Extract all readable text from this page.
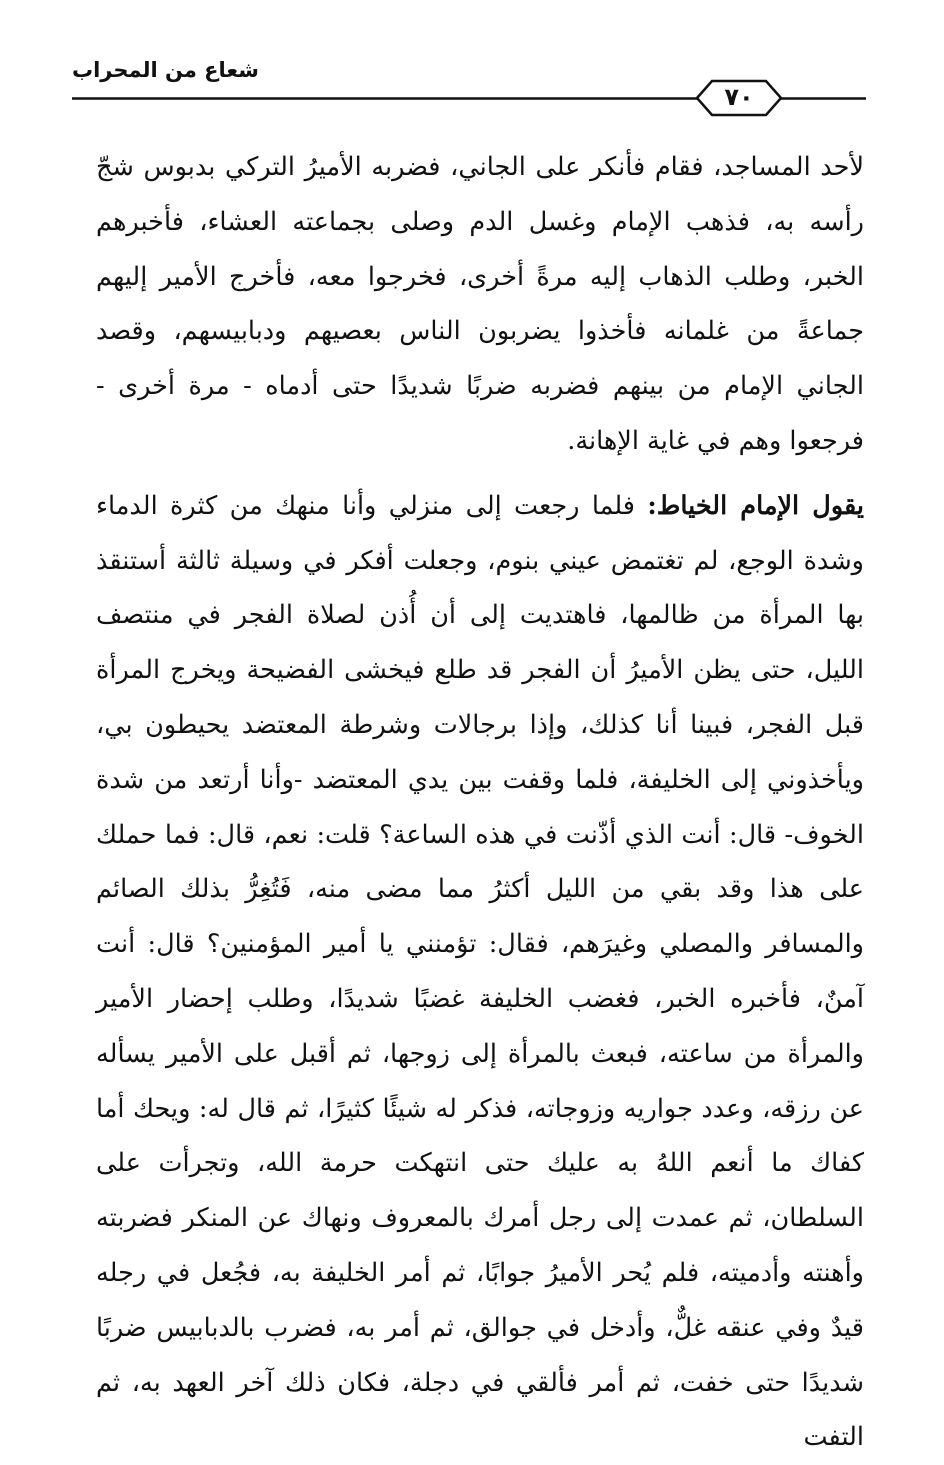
شعاع من المحراب
٧٠

لأحد المساجد، فقام فأنكر على الجاني، فضربه الأميرُ التركي بدبوس شجّ رأسه به، فذهب الإمام وغسل الدم وصلى بجماعته العشاء، فأخبرهم الخبر، وطلب الذهاب إليه مرةً أخرى، فخرجوا معه، فأخرج الأمير إليهم جماعةً من غلمانه فأخذوا يضربون الناس بعصيهم ودبابيسهم، وقصد الجاني الإمام من بينهم فضربه ضربًا شديدًا حتى أدماه - مرة أخرى - فرجعوا وهم في غاية الإهانة.

يقول الإمام الخياط: فلما رجعت إلى منزلي وأنا منهك من كثرة الدماء وشدة الوجع، لم تغتمض عيني بنوم، وجعلت أفكر في وسيلة ثالثة أستنقذ بها المرأة من ظالمها، فاهتديت إلى أن أُذن لصلاة الفجر في منتصف الليل، حتى يظن الأميرُ أن الفجر قد طلع فيخشى الفضيحة ويخرج المرأة قبل الفجر، فبينا أنا كذلك، وإذا برجالات وشرطة المعتضد يحيطون بي، ويأخذوني إلى الخليفة، فلما وقفت بين يدي المعتضد -وأنا أرتعد من شدة الخوف- قال: أنت الذي أذّنت في هذه الساعة؟ قلت: نعم، قال: فما حملك على هذا وقد بقي من الليل أكثرُ مما مضى منه، فَتُغِرُّ بذلك الصائم والمسافر والمصلي وغيرَهم، فقال: تؤمنني يا أمير المؤمنين؟ قال: أنت آمنٌ، فأخبره الخبر، فغضب الخليفة غضبًا شديدًا، وطلب إحضار الأمير والمرأة من ساعته، فبعث بالمرأة إلى زوجها، ثم أقبل على الأمير يسأله عن رزقه، وعدد جواريه وزوجاته، فذكر له شيئًا كثيرًا، ثم قال له: ويحك أما كفاك ما أنعم اللهُ به عليك حتى انتهكت حرمة الله، وتجرأت على السلطان، ثم عمدت إلى رجل أمرك بالمعروف ونهاك عن المنكر فضربته وأهنته وأدميته، فلم يُحر الأميرُ جوابًا، ثم أمر الخليفة به، فجُعل في رجله قيدٌ وفي عنقه غلٌّ، وأدخل في جوالق، ثم أمر به، فضرب بالدبابيس ضربًا شديدًا حتى خفت، ثم أمر فألقي في دجلة، فكان ذلك آخر العهد به، ثم التفت
